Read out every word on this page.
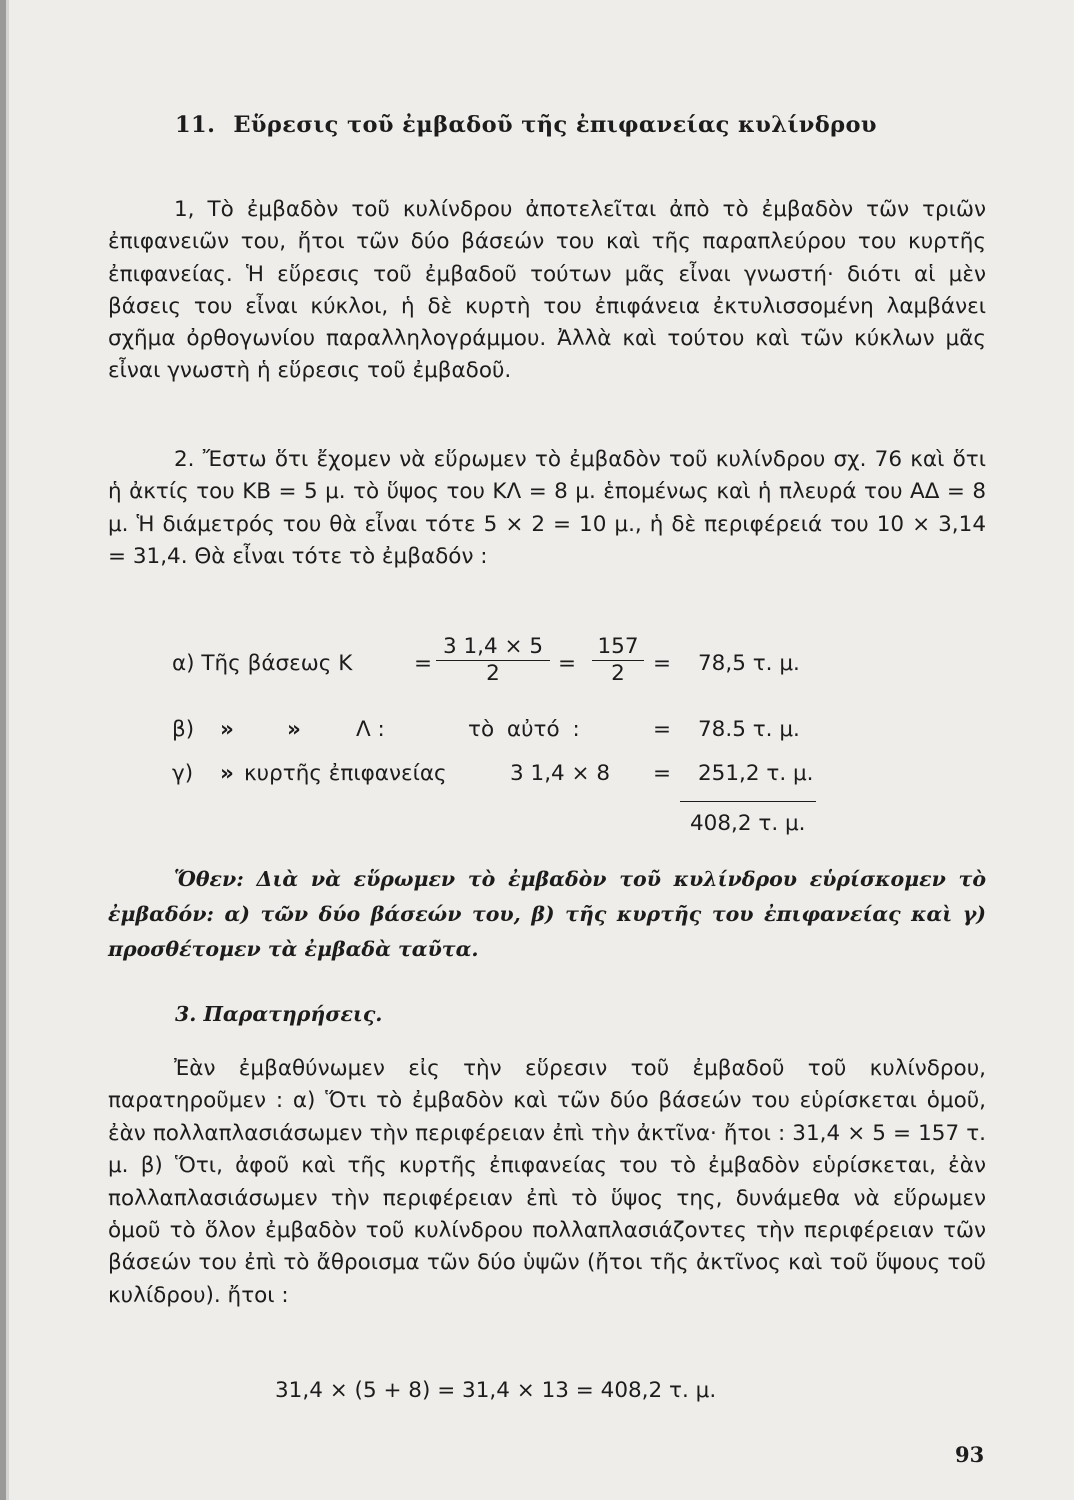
11. Εὕρεσις τοῦ ἐμβαδοῦ τῆς ἐπιφανείας κυλίνδρου

1, Τὸ ἐμβαδὸν τοῦ κυλίνδρου ἀποτελεῖται ἀπὸ τὸ ἐμβαδὸν τῶν τριῶν ἐπιφανειῶν του, ἤτοι τῶν δύο βάσεών του καὶ τῆς παραπλεύρου του κυρτῆς ἐπιφανείας. Ἡ εὕρεσις τοῦ ἐμβαδοῦ τούτων μᾶς εἶναι γνωστή· διότι αἱ μὲν βάσεις του εἶναι κύκλοι, ἡ δὲ κυρτὴ του ἐπιφάνεια ἐκτυλισσομένη λαμβάνει σχῆμα ὀρθογωνίου παραλληλογράμμου. Ἀλλὰ καὶ τούτου καὶ τῶν κύκλων μᾶς εἶναι γνωστὴ ἡ εὕρεσις τοῦ ἐμβαδοῦ.

2. Ἔστω ὅτι ἔχομεν νὰ εὕρωμεν τὸ ἐμβαδὸν τοῦ κυλίνδρου σχ. 76 καὶ ὅτι ἡ ἀκτίς του ΚΒ = 5 μ. τὸ ὕψος του ΚΛ = 8 μ. ἑπομένως καὶ ἡ πλευρά του ΑΔ = 8 μ. Ἡ διάμετρός του θὰ εἶναι τότε 5 × 2 = 10 μ., ἡ δὲ περιφέρειά του 10 × 3,14 = 31,4. Θὰ εἶναι τότε τὸ ἐμβαδόν :

α) Τῆς βάσεως Κ	= $\frac{3 1,4 \times 5}{2} = \frac{157}{2} = 78,5$ τ. μ.
β) » »	Λ :	τὸ αὐτό :	= 78.5 τ. μ.
γ) » κυρτῆς ἐπιφανείας	3 1,4 × 8 = 251,2 τ. μ.
408,2 τ. μ.
Ὅθεν: Διὰ νὰ εὕρωμεν τὸ ἐμβαδὸν τοῦ κυλίνδρου εὑρίσκομεν τὸ ἐμβαδόν: α) τῶν δύο βάσεών του, β) τῆς κυρτῆς του ἐπιφανείας καὶ γ) προσθέτομεν τὰ ἐμβαδὰ ταῦτα.
3. Παρατηρήσεις.

Ἐὰν ἐμβαθύνωμεν εἰς τὴν εὕρεσιν τοῦ ἐμβαδοῦ τοῦ κυλίνδρου, παρατηροῦμεν : α) Ὅτι τὸ ἐμβαδὸν καὶ τῶν δύο βάσεών του εὑρίσκεται ὁμοῦ, ἐὰν πολλαπλασιάσωμεν τὴν περιφέρειαν ἐπὶ τὴν ἀκτῖνα· ἤτοι : 31,4 × 5 = 157 τ. μ. β) Ὅτι, ἀφοῦ καὶ τῆς κυρτῆς ἐπιφανείας του τὸ ἐμβαδὸν εὑρίσκεται, ἐὰν πολλαπλασιάσωμεν τὴν περιφέρειαν ἐπὶ τὸ ὕψος της, δυνάμεθα νὰ εὕρωμεν ὁμοῦ τὸ ὅλον ἐμβαδὸν τοῦ κυλίνδρου πολλαπλασιάζοντες τὴν περιφέρειαν τῶν βάσεών του ἐπὶ τὸ ἄθροισμα τῶν δύο ὑψῶν (ἤτοι τῆς ἀκτῖνος καὶ τοῦ ὕψους τοῦ κυλίδρου). ἤτοι :

31,4 × (5 + 8) = 31,4 × 13 = 408,2 τ. μ.
93
